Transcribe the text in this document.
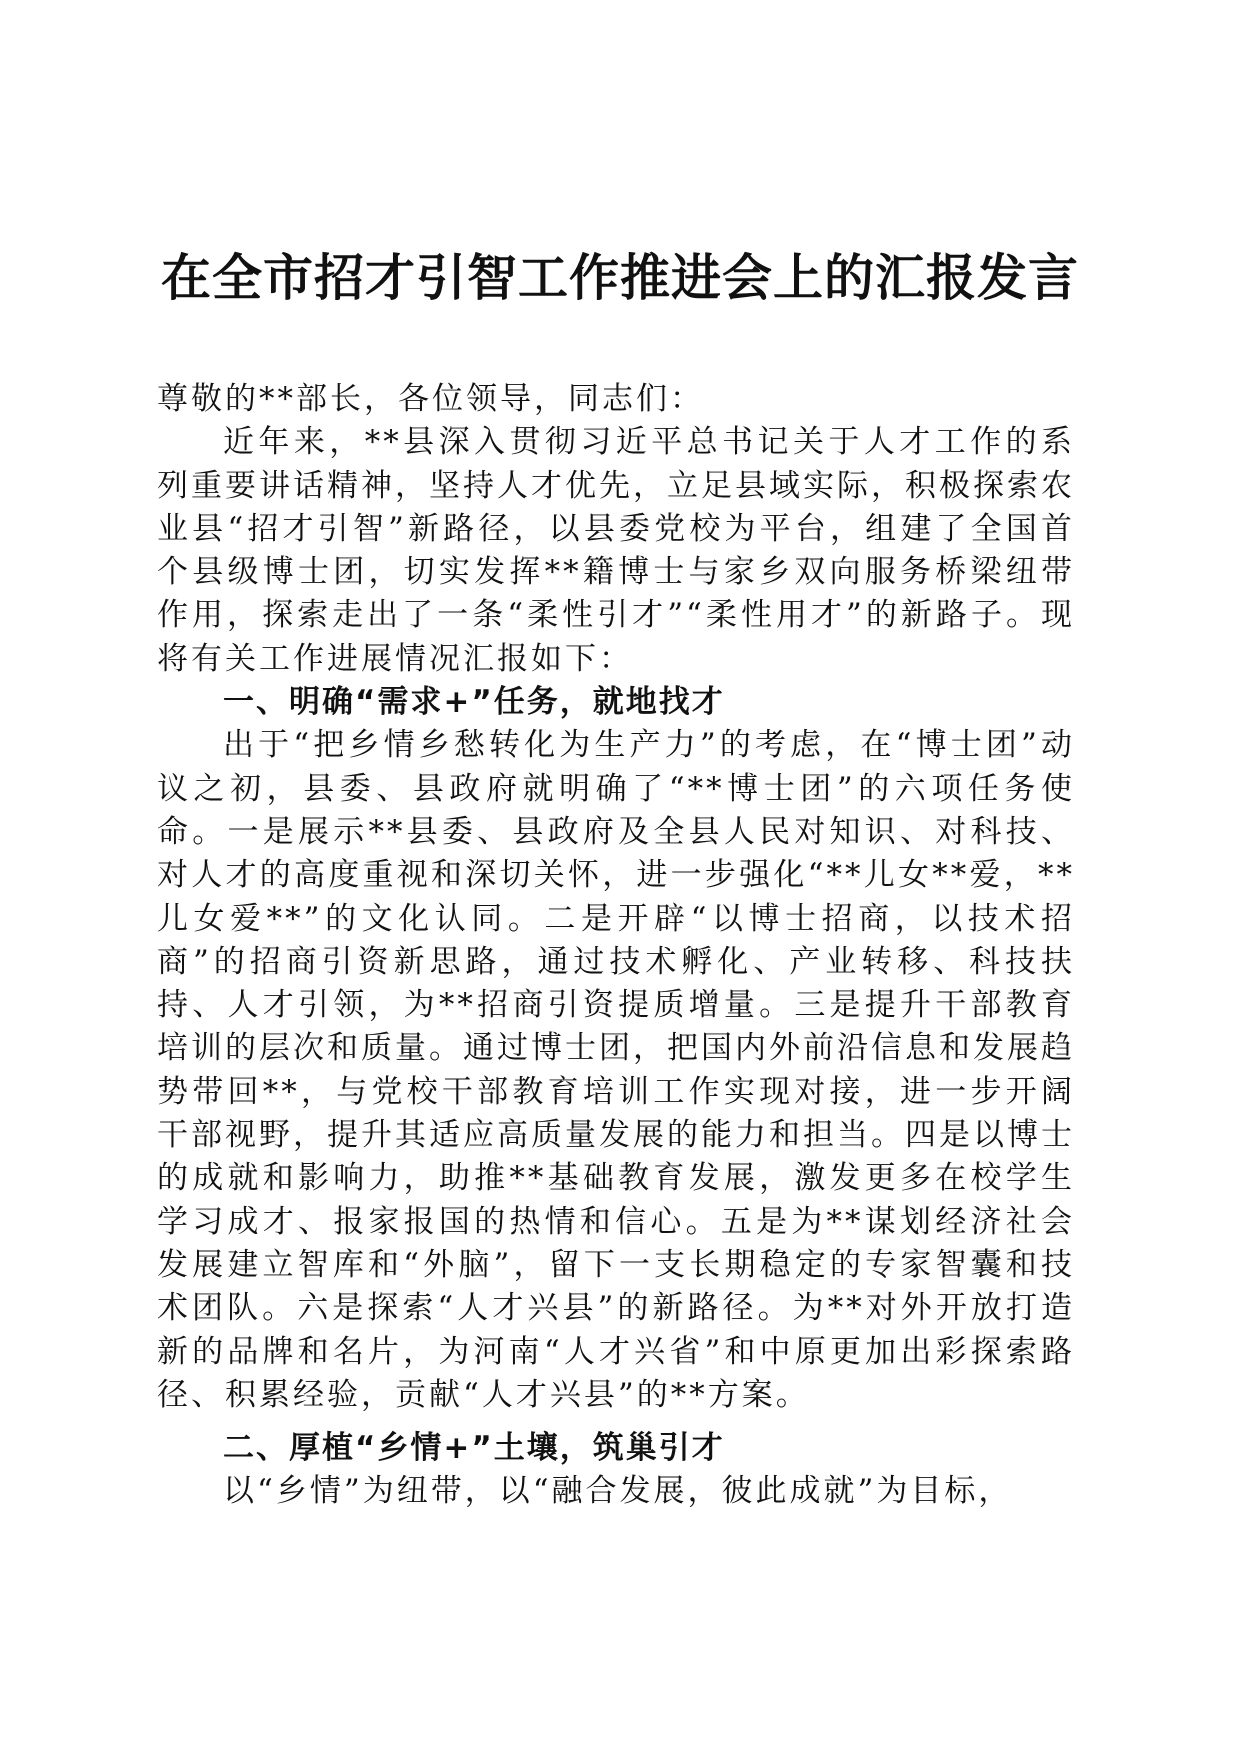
在全市招才引智工作推进会上的汇报发言

尊敬的**部长，各位领导，同志们：

近年来，**县深入贯彻习近平总书记关于人才工作的系列重要讲话精神，坚持人才优先，立足县域实际，积极探索农业县“招才引智”新路径，以县委党校为平台，组建了全国首个县级博士团，切实发挥**籍博士与家乡双向服务桥梁纽带作用，探索走出了一条“柔性引才”“柔性用才”的新路子。现将有关工作进展情况汇报如下：

一、明确“需求+”任务，就地找才

出于“把乡情乡愁转化为生产力”的考虑，在“博士团”动议之初，县委、县政府就明确了“**博士团”的六项任务使命。一是展示**县委、县政府及全县人民对知识、对科技、对人才的高度重视和深切关怀，进一步强化“**儿女**爱，**儿女爱**”的文化认同。二是开辟“以博士招商，以技术招商”的招商引资新思路，通过技术孵化、产业转移、科技扶持、人才引领，为**招商引资提质增量。三是提升干部教育培训的层次和质量。通过博士团，把国内外前沿信息和发展趋势带回**，与党校干部教育培训工作实现对接，进一步开阔干部视野，提升其适应高质量发展的能力和担当。四是以博士的成就和影响力，助推**基础教育发展，激发更多在校学生学习成才、报家报国的热情和信心。五是为**谋划经济社会发展建立智库和“外脑”，留下一支长期稳定的专家智囊和技术团队。六是探索“人才兴县”的新路径。为**对外开放打造新的品牌和名片，为河南“人才兴省”和中原更加出彩探索路径、积累经验，贡献“人才兴县”的**方案。

二、厚植“乡情+”土壤，筑巢引才

以“乡情”为纽带，以“融合发展，彼此成就”为目标，
